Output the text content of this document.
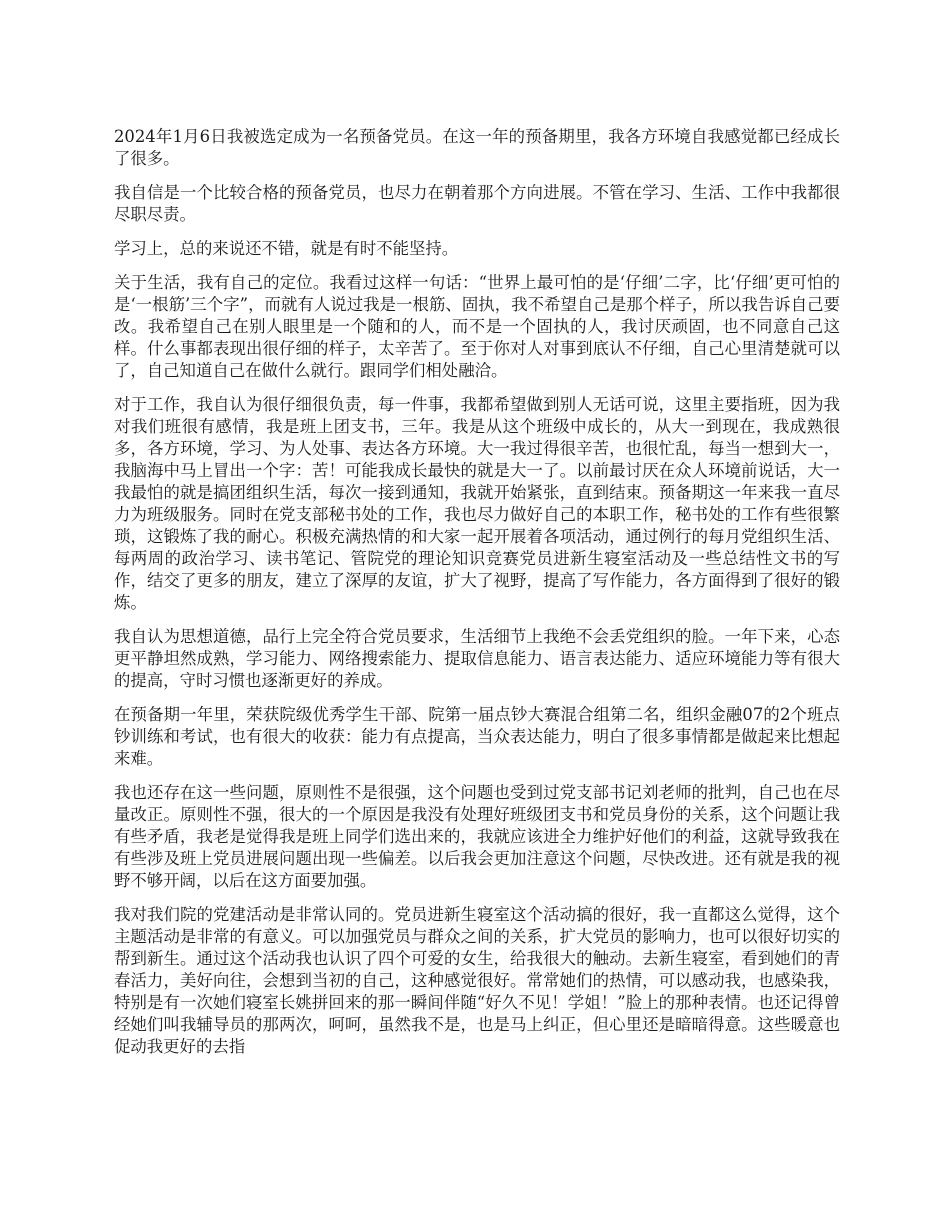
2024年1月6日我被选定成为一名预备党员。在这一年的预备期里，我各方环境自我感觉都已经成长了很多。

我自信是一个比较合格的预备党员，也尽力在朝着那个方向进展。不管在学习、生活、工作中我都很尽职尽责。

学习上，总的来说还不错，就是有时不能坚持。

关于生活，我有自己的定位。我看过这样一句话：“世界上最可怕的是‘仔细’二字，比‘仔细’更可怕的是‘一根筋’三个字”，而就有人说过我是一根筋、固执，我不希望自己是那个样子，所以我告诉自己要改。我希望自己在别人眼里是一个随和的人，而不是一个固执的人，我讨厌顽固，也不同意自己这样。什么事都表现出很仔细的样子，太辛苦了。至于你对人对事到底认不仔细，自己心里清楚就可以了，自己知道自己在做什么就行。跟同学们相处融洽。

对于工作，我自认为很仔细很负责，每一件事，我都希望做到别人无话可说，这里主要指班，因为我对我们班很有感情，我是班上团支书，三年。我是从这个班级中成长的，从大一到现在，我成熟很多，各方环境，学习、为人处事、表达各方环境。大一我过得很辛苦，也很忙乱，每当一想到大一，我脑海中马上冒出一个字：苦！可能我成长最快的就是大一了。以前最讨厌在众人环境前说话，大一我最怕的就是搞团组织生活，每次一接到通知，我就开始紧张，直到结束。预备期这一年来我一直尽力为班级服务。同时在党支部秘书处的工作，我也尽力做好自己的本职工作，秘书处的工作有些很繁琐，这锻炼了我的耐心。积极充满热情的和大家一起开展着各项活动，通过例行的每月党组织生活、每两周的政治学习、读书笔记、管院党的理论知识竞赛党员进新生寝室活动及一些总结性文书的写作，结交了更多的朋友，建立了深厚的友谊，扩大了视野，提高了写作能力，各方面得到了很好的锻炼。

我自认为思想道德，品行上完全符合党员要求，生活细节上我绝不会丢党组织的脸。一年下来，心态更平静坦然成熟，学习能力、网络搜索能力、提取信息能力、语言表达能力、适应环境能力等有很大的提高，守时习惯也逐渐更好的养成。

在预备期一年里，荣获院级优秀学生干部、院第一届点钞大赛混合组第二名，组织金融07的2个班点钞训练和考试，也有很大的收获：能力有点提高，当众表达能力，明白了很多事情都是做起来比想起来难。

我也还存在这一些问题，原则性不是很强，这个问题也受到过党支部书记刘老师的批判，自己也在尽量改正。原则性不强，很大的一个原因是我没有处理好班级团支书和党员身份的关系，这个问题让我有些矛盾，我老是觉得我是班上同学们选出来的，我就应该进全力维护好他们的利益，这就导致我在有些涉及班上党员进展问题出现一些偏差。以后我会更加注意这个问题，尽快改进。还有就是我的视野不够开阔，以后在这方面要加强。

我对我们院的党建活动是非常认同的。党员进新生寝室这个活动搞的很好，我一直都这么觉得，这个主题活动是非常的有意义。可以加强党员与群众之间的关系，扩大党员的影响力，也可以很好切实的帮到新生。通过这个活动我也认识了四个可爱的女生，给我很大的触动。去新生寝室，看到她们的青春活力，美好向往，会想到当初的自己，这种感觉很好。常常她们的热情，可以感动我，也感染我，特别是有一次她们寝室长姚拼回来的那一瞬间伴随“好久不见！学姐！”脸上的那种表情。也还记得曾经她们叫我辅导员的那两次，呵呵，虽然我不是，也是马上纠正，但心里还是暗暗得意。这些暖意也促动我更好的去指
